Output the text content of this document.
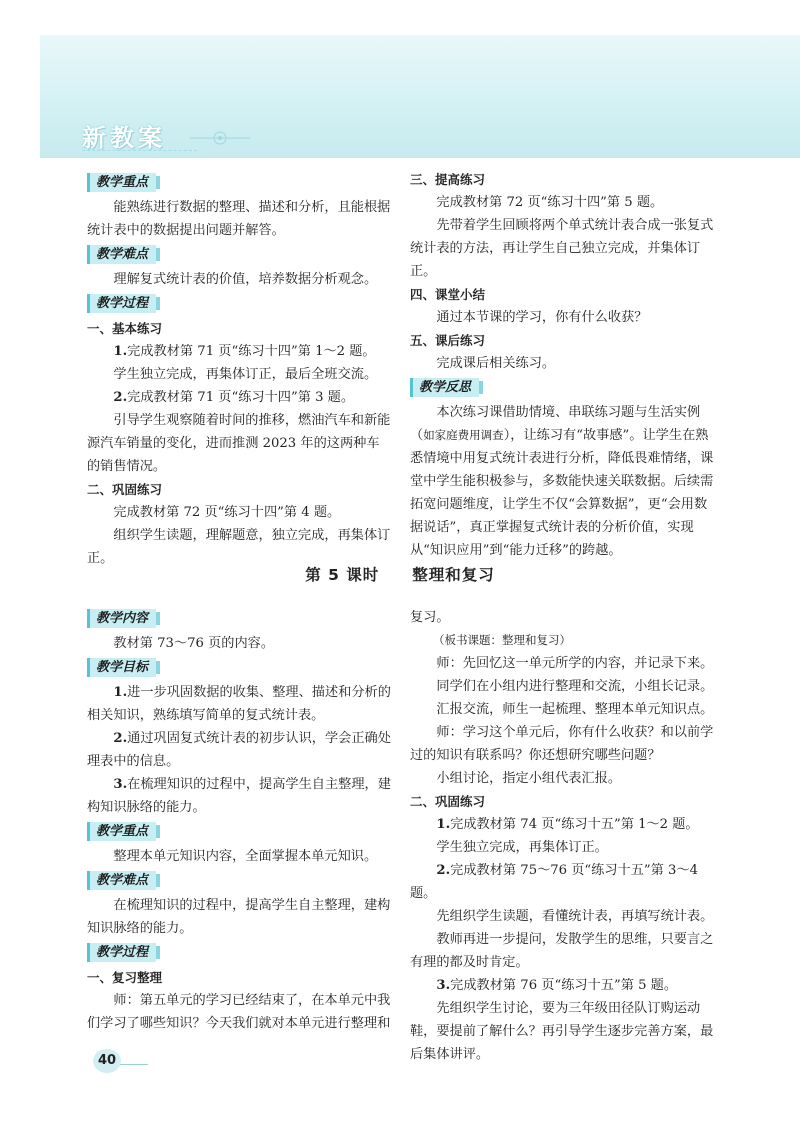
新教案
教学重点

能熟练进行数据的整理、描述和分析，且能根据统计表中的数据提出问题并解答。

教学难点

理解复式统计表的价值，培养数据分析观念。

教学过程

一、基本练习

1.完成教材第 71 页“练习十四”第 1～2 题。

学生独立完成，再集体订正，最后全班交流。

2.完成教材第 71 页“练习十四”第 3 题。

引导学生观察随着时间的推移，燃油汽车和新能源汽车销量的变化，进而推测 2023 年的这两种车的销售情况。

二、巩固练习

完成教材第 72 页“练习十四”第 4 题。

组织学生读题，理解题意，独立完成，再集体订正。

三、提高练习

完成教材第 72 页“练习十四”第 5 题。

先带着学生回顾将两个单式统计表合成一张复式统计表的方法，再让学生自己独立完成，并集体订正。

四、课堂小结

通过本节课的学习，你有什么收获？

五、课后练习

完成课后相关练习。

教学反思

本次练习课借助情境、串联练习题与生活实例（如家庭费用调查），让练习有“故事感”。让学生在熟悉情境中用复式统计表进行分析，降低畏难情绪，课堂中学生能积极参与，多数能快速关联数据。后续需拓宽问题维度，让学生不仅“会算数据”，更“会用数据说话”，真正掌握复式统计表的分析价值，实现从“知识应用”到“能力迁移”的跨越。

第 5 课时　　整理和复习
教学内容

教材第 73～76 页的内容。

教学目标

1.进一步巩固数据的收集、整理、描述和分析的相关知识，熟练填写简单的复式统计表。

2.通过巩固复式统计表的初步认识，学会正确处理表中的信息。

3.在梳理知识的过程中，提高学生自主整理，建构知识脉络的能力。

教学重点

整理本单元知识内容，全面掌握本单元知识。

教学难点

在梳理知识的过程中，提高学生自主整理，建构知识脉络的能力。

教学过程

一、复习整理

师：第五单元的学习已经结束了，在本单元中我们学习了哪些知识？今天我们就对本单元进行整理和

复习。

（板书课题：整理和复习）

师：先回忆这一单元所学的内容，并记录下来。

同学们在小组内进行整理和交流，小组长记录。

汇报交流，师生一起梳理、整理本单元知识点。

师：学习这个单元后，你有什么收获？和以前学过的知识有联系吗？你还想研究哪些问题？

小组讨论，指定小组代表汇报。

二、巩固练习

1.完成教材第 74 页“练习十五”第 1～2 题。

学生独立完成，再集体订正。

2.完成教材第 75～76 页“练习十五”第 3～4 题。

先组织学生读题，看懂统计表，再填写统计表。

教师再进一步提问，发散学生的思维，只要言之有理的都及时肯定。

3.完成教材第 76 页“练习十五”第 5 题。

先组织学生讨论，要为三年级田径队订购运动鞋，要提前了解什么？再引导学生逐步完善方案，最后集体讲评。

40
